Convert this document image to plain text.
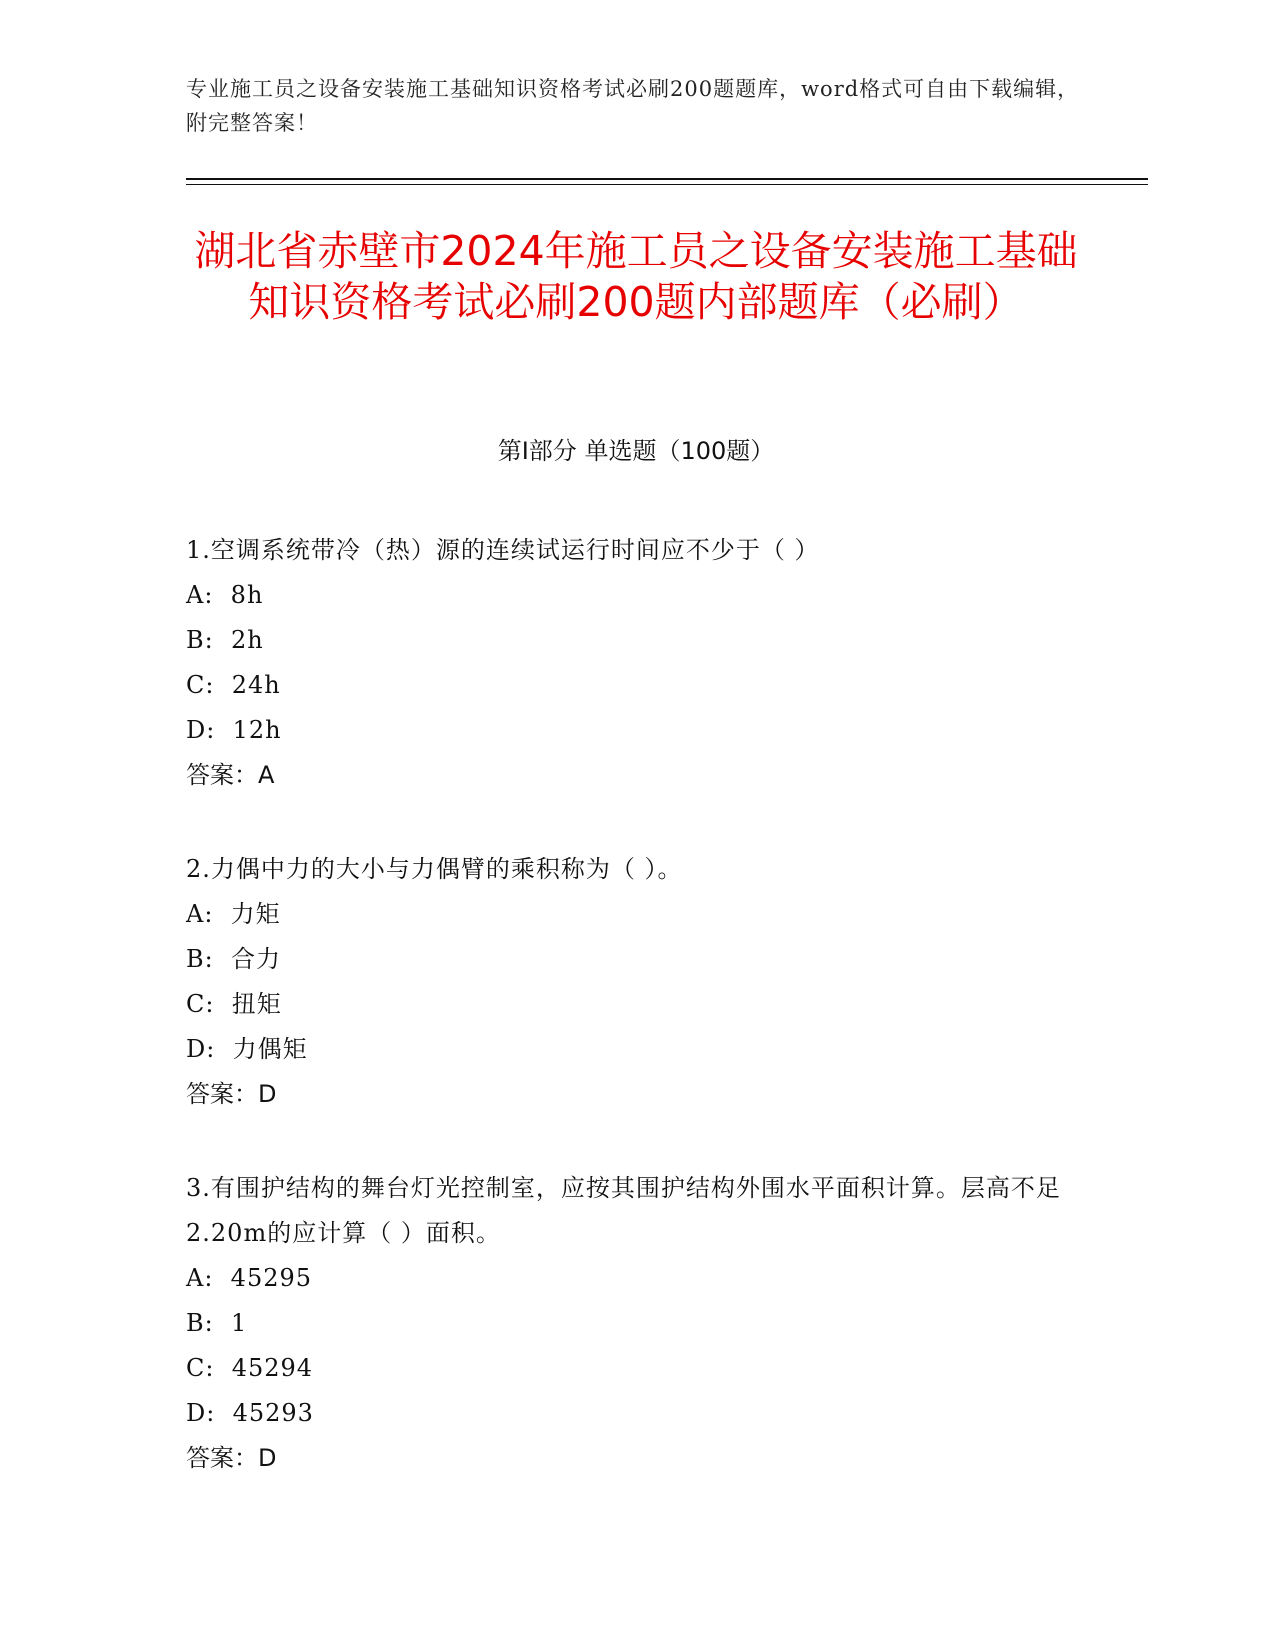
专业施工员之设备安装施工基础知识资格考试必刷200题题库，word格式可自由下载编辑，附完整答案！
湖北省赤壁市2024年施工员之设备安装施工基础知识资格考试必刷200题内部题库（必刷）
第I部分 单选题（100题）
1.空调系统带冷（热）源的连续试运行时间应不少于（ ）
A:  8h
B:  2h
C:  24h
D:  12h
答案：A
2.力偶中力的大小与力偶臂的乘积称为（ ）。
A:  力矩
B:  合力
C:  扭矩
D:  力偶矩
答案：D
3.有围护结构的舞台灯光控制室，应按其围护结构外围水平面积计算。层高不足2.20m的应计算（ ）面积。
A:  45295
B:  1
C:  45294
D:  45293
答案：D
